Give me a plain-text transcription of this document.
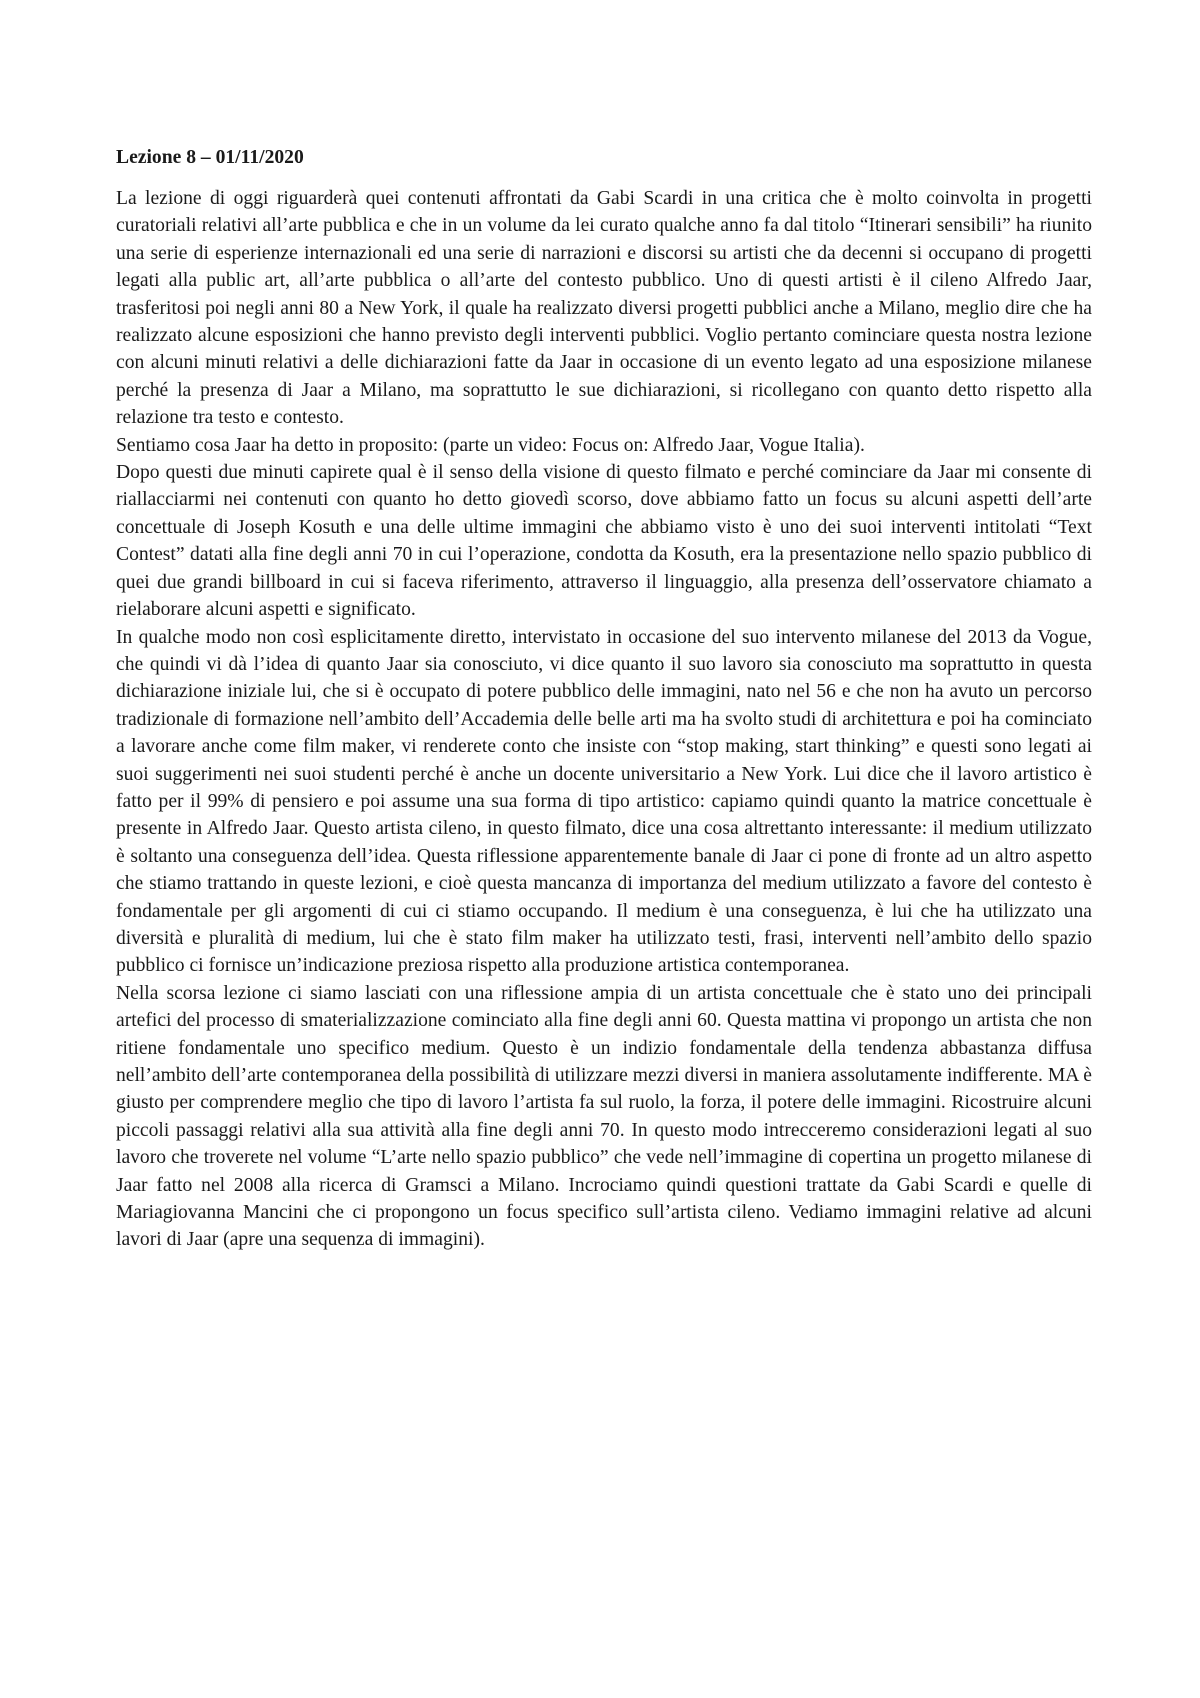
Lezione 8 – 01/11/2020

La lezione di oggi riguarderà quei contenuti affrontati da Gabi Scardi in una critica che è molto coinvolta in progetti curatoriali relativi all’arte pubblica e che in un volume da lei curato qualche anno fa dal titolo “Itinerari sensibili” ha riunito una serie di esperienze internazionali ed una serie di narrazioni e discorsi su artisti che da decenni si occupano di progetti legati alla public art, all’arte pubblica o all’arte del contesto pubblico. Uno di questi artisti è il cileno Alfredo Jaar, trasferitosi poi negli anni 80 a New York, il quale ha realizzato diversi progetti pubblici anche a Milano, meglio dire che ha realizzato alcune esposizioni che hanno previsto degli interventi pubblici. Voglio pertanto cominciare questa nostra lezione con alcuni minuti relativi a delle dichiarazioni fatte da Jaar in occasione di un evento legato ad una esposizione milanese perché la presenza di Jaar a Milano, ma soprattutto le sue dichiarazioni, si ricollegano con quanto detto rispetto alla relazione tra testo e contesto.

Sentiamo cosa Jaar ha detto in proposito: (parte un video: Focus on: Alfredo Jaar, Vogue Italia).

Dopo questi due minuti capirete qual è il senso della visione di questo filmato e perché cominciare da Jaar mi consente di riallacciarmi nei contenuti con quanto ho detto giovedì scorso, dove abbiamo fatto un focus su alcuni aspetti dell’arte concettuale di Joseph Kosuth e una delle ultime immagini che abbiamo visto è uno dei suoi interventi intitolati “Text Contest” datati alla fine degli anni 70 in cui l’operazione, condotta da Kosuth, era la presentazione nello spazio pubblico di quei due grandi billboard in cui si faceva riferimento, attraverso il linguaggio, alla presenza dell’osservatore chiamato a rielaborare alcuni aspetti e significato.

In qualche modo non così esplicitamente diretto, intervistato in occasione del suo intervento milanese del 2013 da Vogue, che quindi vi dà l’idea di quanto Jaar sia conosciuto, vi dice quanto il suo lavoro sia conosciuto ma soprattutto in questa dichiarazione iniziale lui, che si è occupato di potere pubblico delle immagini, nato nel 56 e che non ha avuto un percorso tradizionale di formazione nell’ambito dell’Accademia delle belle arti ma ha svolto studi di architettura e poi ha cominciato a lavorare anche come film maker, vi renderete conto che insiste con “stop making, start thinking” e questi sono legati ai suoi suggerimenti nei suoi studenti perché è anche un docente universitario a New York. Lui dice che il lavoro artistico è fatto per il 99% di pensiero e poi assume una sua forma di tipo artistico: capiamo quindi quanto la matrice concettuale è presente in Alfredo Jaar. Questo artista cileno, in questo filmato, dice una cosa altrettanto interessante: il medium utilizzato è soltanto una conseguenza dell’idea. Questa riflessione apparentemente banale di Jaar ci pone di fronte ad un altro aspetto che stiamo trattando in queste lezioni, e cioè questa mancanza di importanza del medium utilizzato a favore del contesto è fondamentale per gli argomenti di cui ci stiamo occupando. Il medium è una conseguenza, è lui che ha utilizzato una diversità e pluralità di medium, lui che è stato film maker ha utilizzato testi, frasi, interventi nell’ambito dello spazio pubblico ci fornisce un’indicazione preziosa rispetto alla produzione artistica contemporanea.

Nella scorsa lezione ci siamo lasciati con una riflessione ampia di un artista concettuale che è stato uno dei principali artefici del processo di smaterializzazione cominciato alla fine degli anni 60. Questa mattina vi propongo un artista che non ritiene fondamentale uno specifico medium. Questo è un indizio fondamentale della tendenza abbastanza diffusa nell’ambito dell’arte contemporanea della possibilità di utilizzare mezzi diversi in maniera assolutamente indifferente. MA è giusto per comprendere meglio che tipo di lavoro l’artista fa sul ruolo, la forza, il potere delle immagini. Ricostruire alcuni piccoli passaggi relativi alla sua attività alla fine degli anni 70. In questo modo intrecceremo considerazioni legati al suo lavoro che troverete nel volume “L’arte nello spazio pubblico” che vede nell’immagine di copertina un progetto milanese di Jaar fatto nel 2008 alla ricerca di Gramsci a Milano. Incrociamo quindi questioni trattate da Gabi Scardi e quelle di Mariagiovanna Mancini che ci propongono un focus specifico sull’artista cileno. Vediamo immagini relative ad alcuni lavori di Jaar (apre una sequenza di immagini).
